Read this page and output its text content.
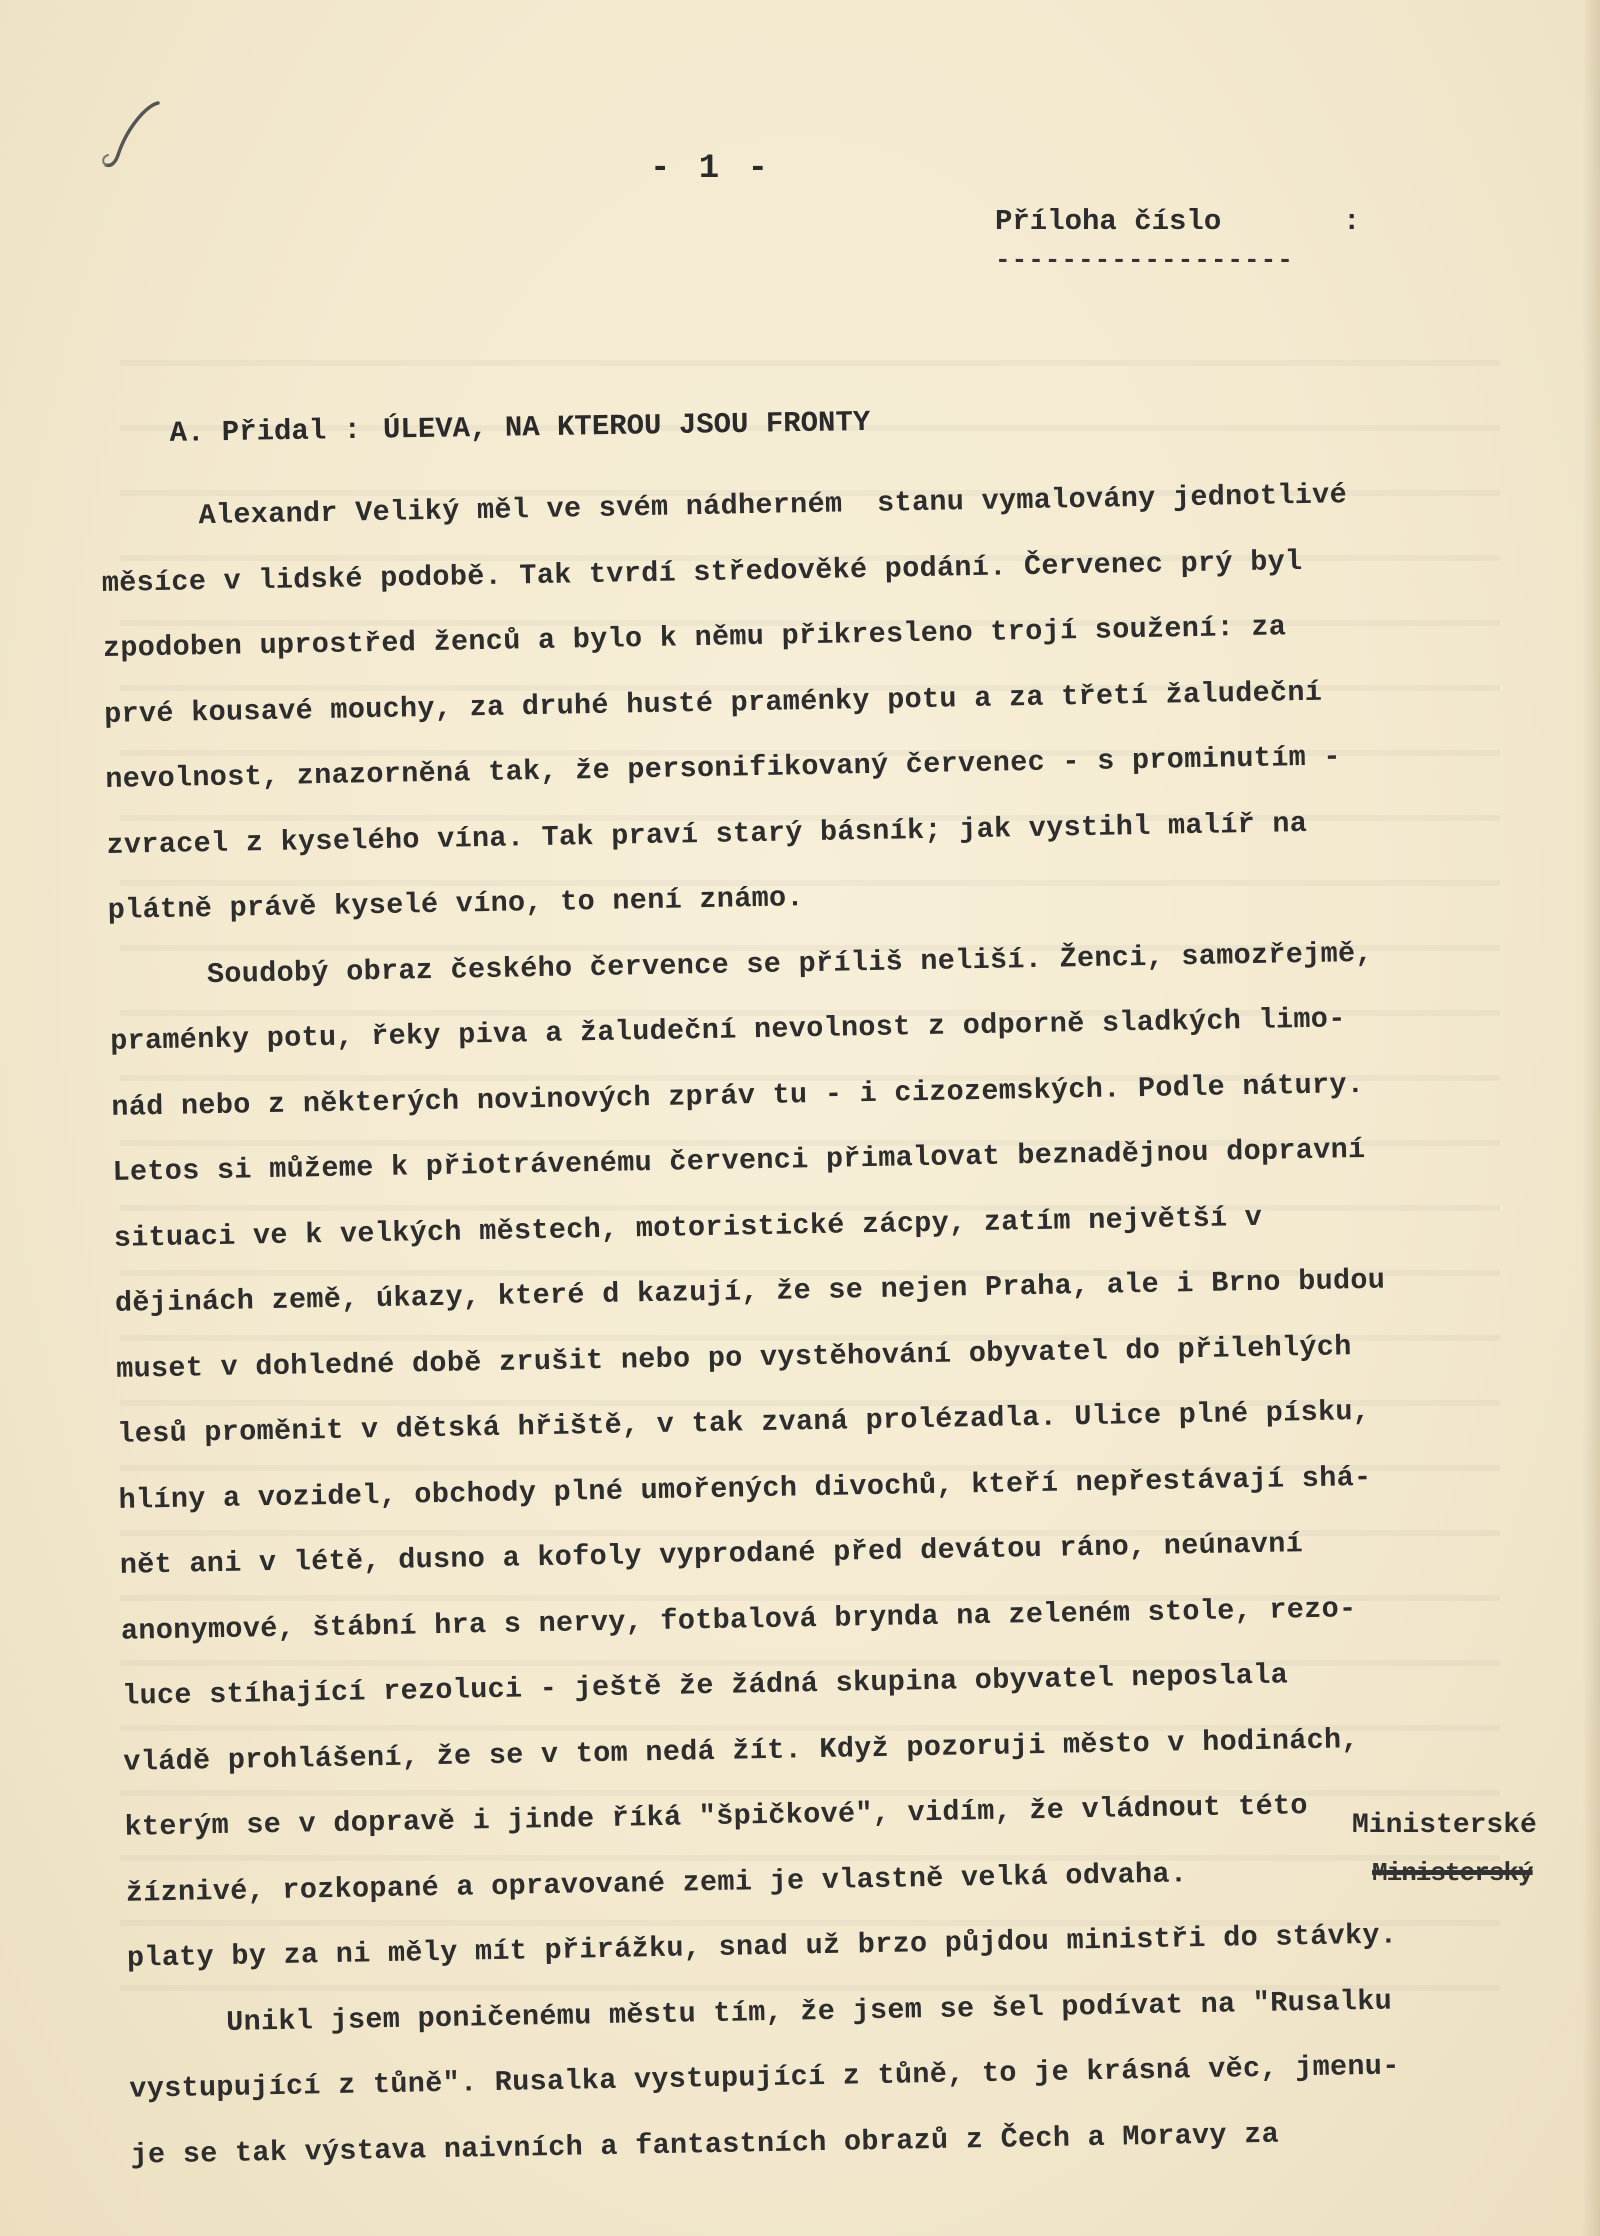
- 1 -
Příloha číslo       :
------------------

A. Přidal : ÚLEVA, NA KTEROU JSOU FRONTY

Alexandr Veliký měl ve svém nádherném  stanu vymalovány jednotlivé
měsíce v lidské podobě. Tak tvrdí středověké podání. Červenec prý byl
zpodoben uprostřed ženců a bylo k němu přikresleno trojí soužení: za
prvé kousavé mouchy, za druhé husté praménky potu a za třetí žaludeční
nevolnost, znazorněná tak, že personifikovaný červenec - s prominutím -
zvracel z kyselého vína. Tak praví starý básník; jak vystihl malíř na
plátně právě kyselé víno, to není známo.
Soudobý obraz českého července se příliš neliší. Ženci, samozřejmě,
praménky potu, řeky piva a žaludeční nevolnost z odporně sladkých limo-
nád nebo z některých novinových zpráv tu - i cizozemských. Podle nátury.
Letos si můžeme k přiotrávenému červenci přimalovat beznadějnou dopravní
situaci ve k velkých městech, motoristické zácpy, zatím největší v
dějinách země, úkazy, které d kazují, že se nejen Praha, ale i Brno budou
muset v dohledné době zrušit nebo po vystěhování obyvatel do přilehlých
lesů proměnit v dětská hřiště, v tak zvaná prolézadla. Ulice plné písku,
hlíny a vozidel, obchody plné umořených divochů, kteří nepřestávají shá-
nět ani v létě, dusno a kofoly vyprodané před devátou ráno, neúnavní
anonymové, štábní hra s nervy, fotbalová brynda na zeleném stole, rezo-
luce stíhající rezoluci - ještě že žádná skupina obyvatel neposlala
vládě prohlášení, že se v tom nedá žít. Když pozoruji město v hodinách,
kterým se v dopravě i jinde říká "špičkové", vidím, že vládnout této
žíznivé, rozkopané a opravované zemi je vlastně velká odvaha.
platy by za ni měly mít přirážku, snad už brzo půjdou ministři do stávky.
Unikl jsem poničenému městu tím, že jsem se šel podívat na "Rusalku
vystupující z tůně". Rusalka vystupující z tůně, to je krásná věc, jmenu-
je se tak výstava naivních a fantastních obrazů z Čech a Moravy za
Ministerské
Ministerský
